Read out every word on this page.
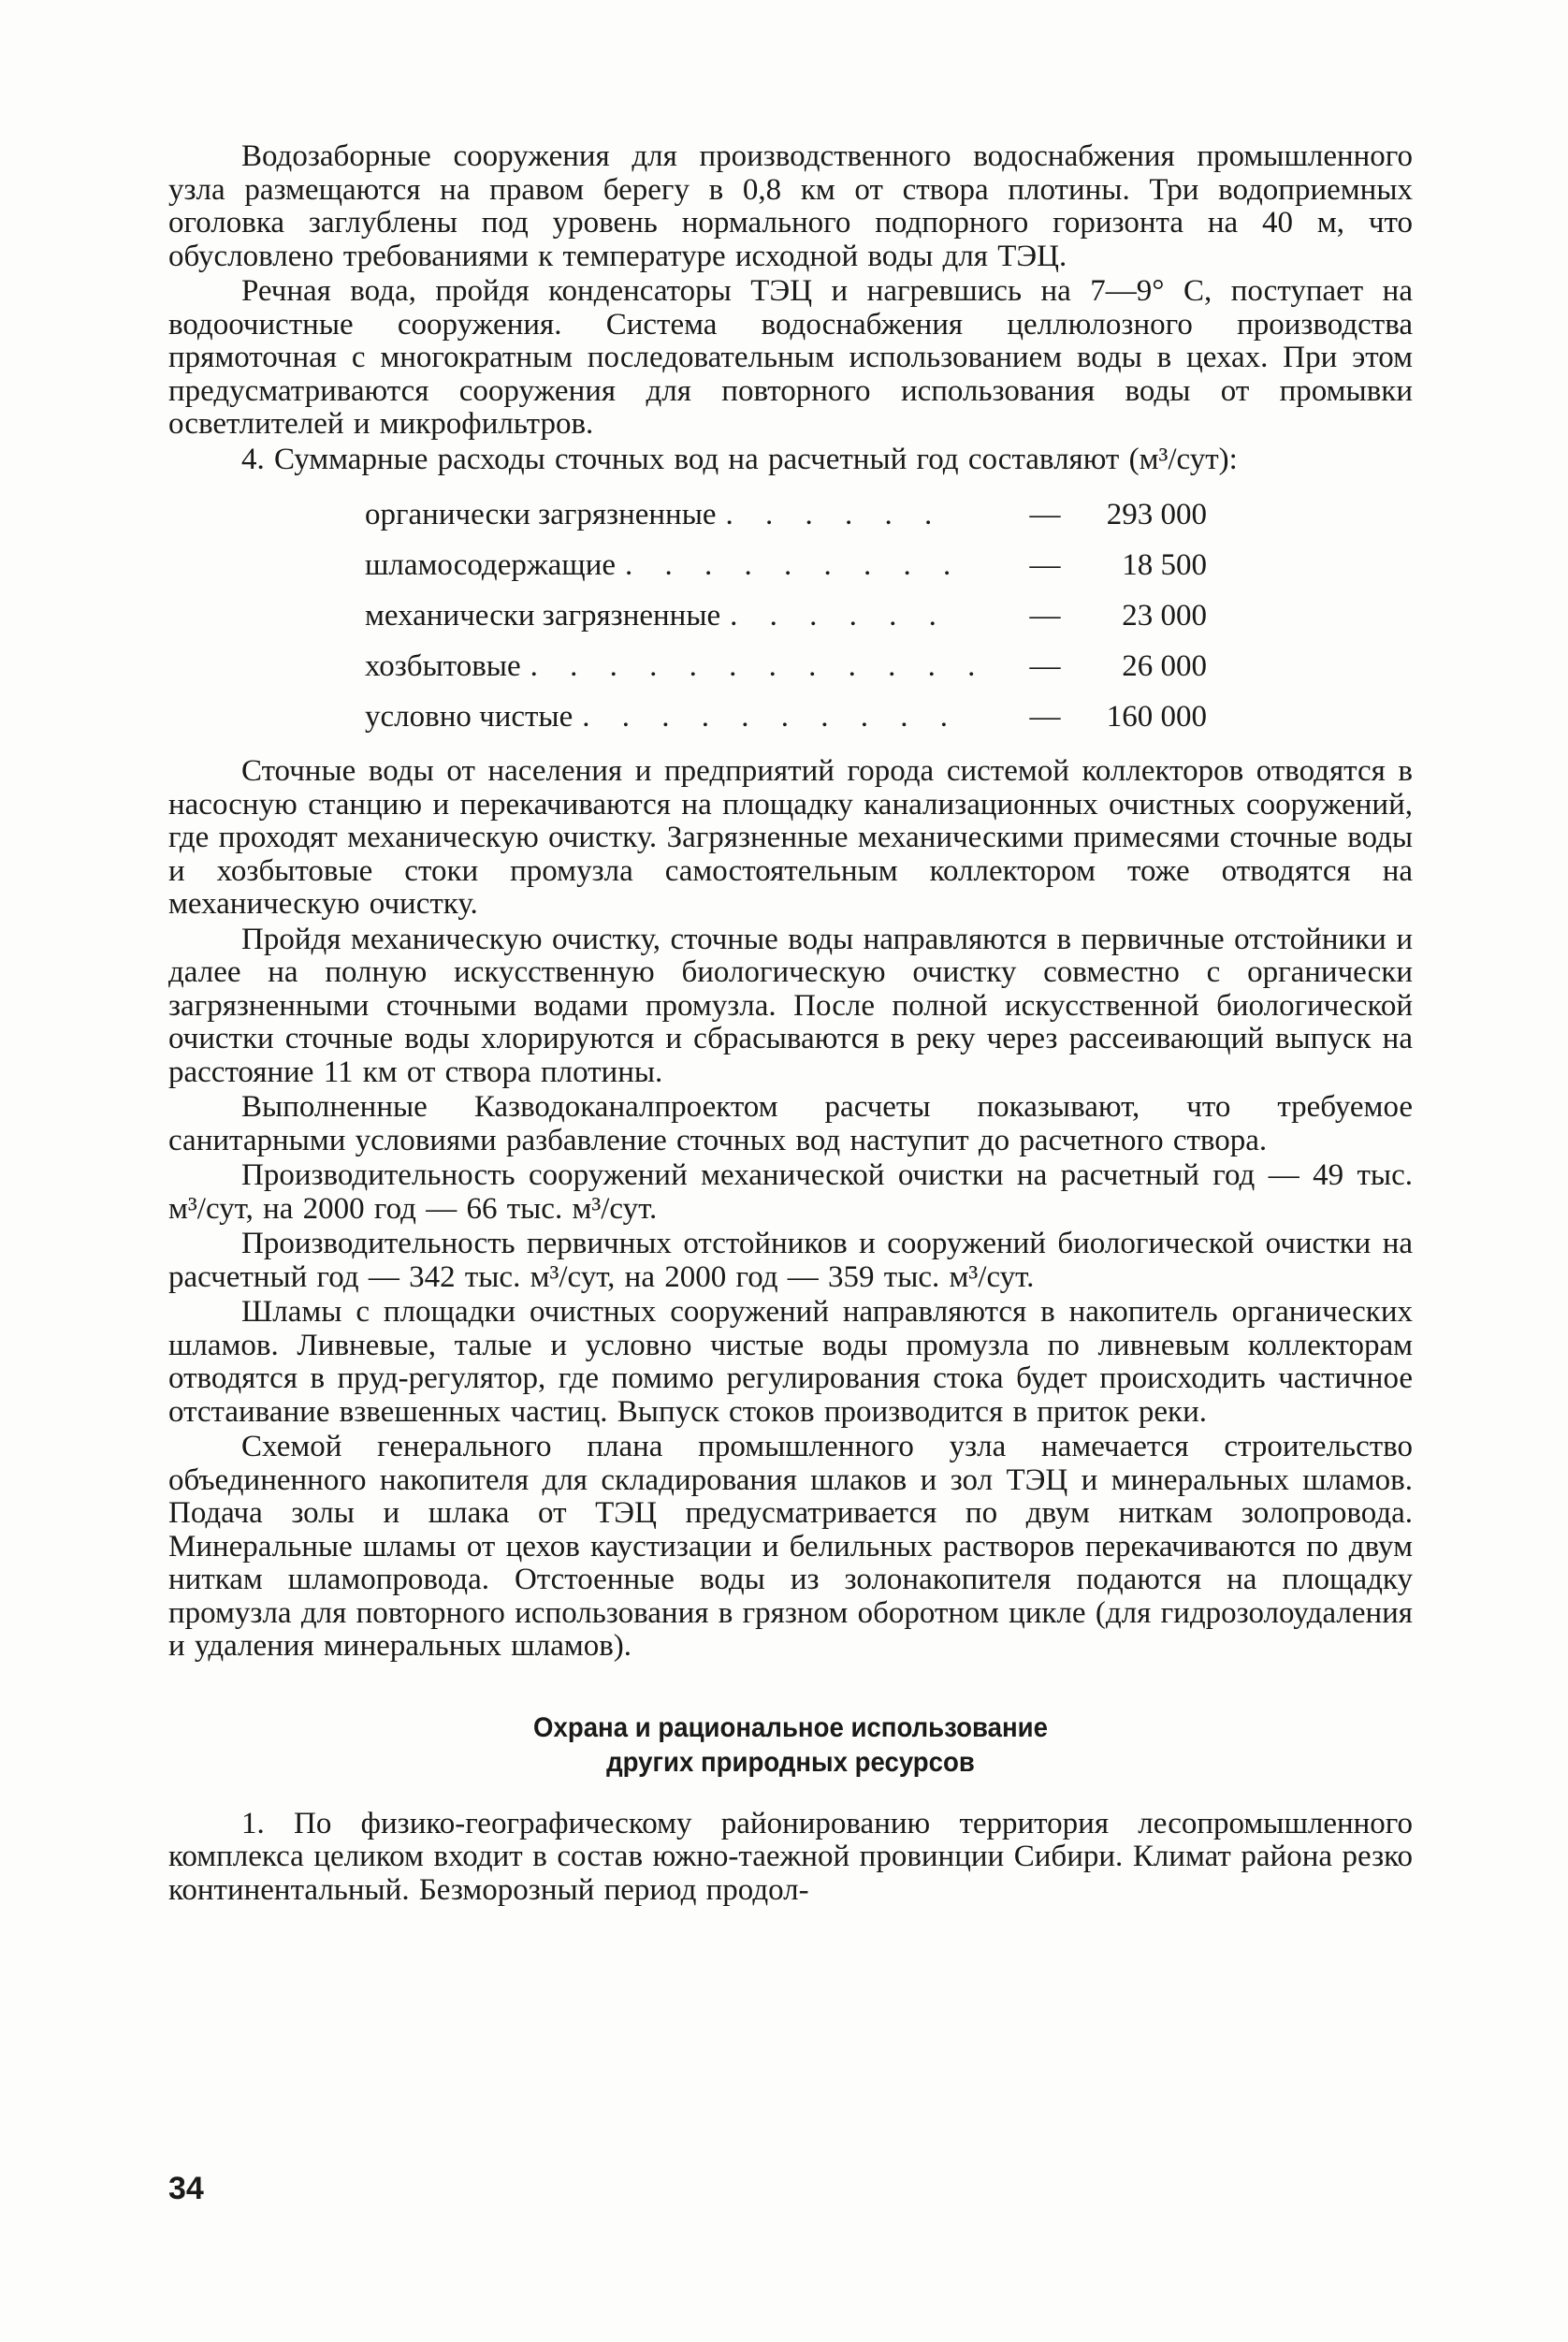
Водозаборные сооружения для производственного водоснабжения промышленного узла размещаются на правом берегу в 0,8 км от створа плотины. Три водоприемных оголовка заглублены под уровень нормального подпорного горизонта на 40 м, что обусловлено требованиями к температуре исходной воды для ТЭЦ.

Речная вода, пройдя конденсаторы ТЭЦ и нагревшись на 7—9° С, поступает на водоочистные сооружения. Система водоснабжения целлюлозного производства прямоточная с многократным последовательным использованием воды в цехах. При этом предусматриваются сооружения для повторного использования воды от промывки осветлителей и микрофильтров.

4. Суммарные расходы сточных вод на расчетный год составляют (м³/сут):

органически загрязненные . . . . . .	—	293 000
шламосодержащие . . . . . . . . .	—	18 500
механически загрязненные . . . . . .	—	23 000
хозбытовые . . . . . . . . . . . .	—	26 000
условно чистые . . . . . . . . . .	—	160 000

Сточные воды от населения и предприятий города системой коллекторов отводятся в насосную станцию и перекачиваются на площадку канализационных очистных сооружений, где проходят механическую очистку. Загрязненные механическими примесями сточные воды и хозбытовые стоки промузла самостоятельным коллектором тоже отводятся на механическую очистку.

Пройдя механическую очистку, сточные воды направляются в первичные отстойники и далее на полную искусственную биологическую очистку совместно с органически загрязненными сточными водами промузла. После полной искусственной биологической очистки сточные воды хлорируются и сбрасываются в реку через рассеивающий выпуск на расстояние 11 км от створа плотины.

Выполненные Казводоканалпроектом расчеты показывают, что требуемое санитарными условиями разбавление сточных вод наступит до расчетного створа.

Производительность сооружений механической очистки на расчетный год — 49 тыс. м³/сут, на 2000 год — 66 тыс. м³/сут.

Производительность первичных отстойников и сооружений биологической очистки на расчетный год — 342 тыс. м³/сут, на 2000 год — 359 тыс. м³/сут.

Шламы с площадки очистных сооружений направляются в накопитель органических шламов. Ливневые, талые и условно чистые воды промузла по ливневым коллекторам отводятся в пруд-регулятор, где помимо регулирования стока будет происходить частичное отстаивание взвешенных частиц. Выпуск стоков производится в приток реки.

Схемой генерального плана промышленного узла намечается строительство объединенного накопителя для складирования шлаков и зол ТЭЦ и минеральных шламов. Подача золы и шлака от ТЭЦ предусматривается по двум ниткам золопровода. Минеральные шламы от цехов каустизации и белильных растворов перекачиваются по двум ниткам шламопровода. Отстоенные воды из золонакопителя подаются на площадку промузла для повторного использования в грязном оборотном цикле (для гидрозолоудаления и удаления минеральных шламов).

Охрана и рациональное использование
других природных ресурсов

1. По физико-географическому районированию территория лесопромышленного комплекса целиком входит в состав южно-таежной провинции Сибири. Климат района резко континентальный. Безморозный период продол-

34
